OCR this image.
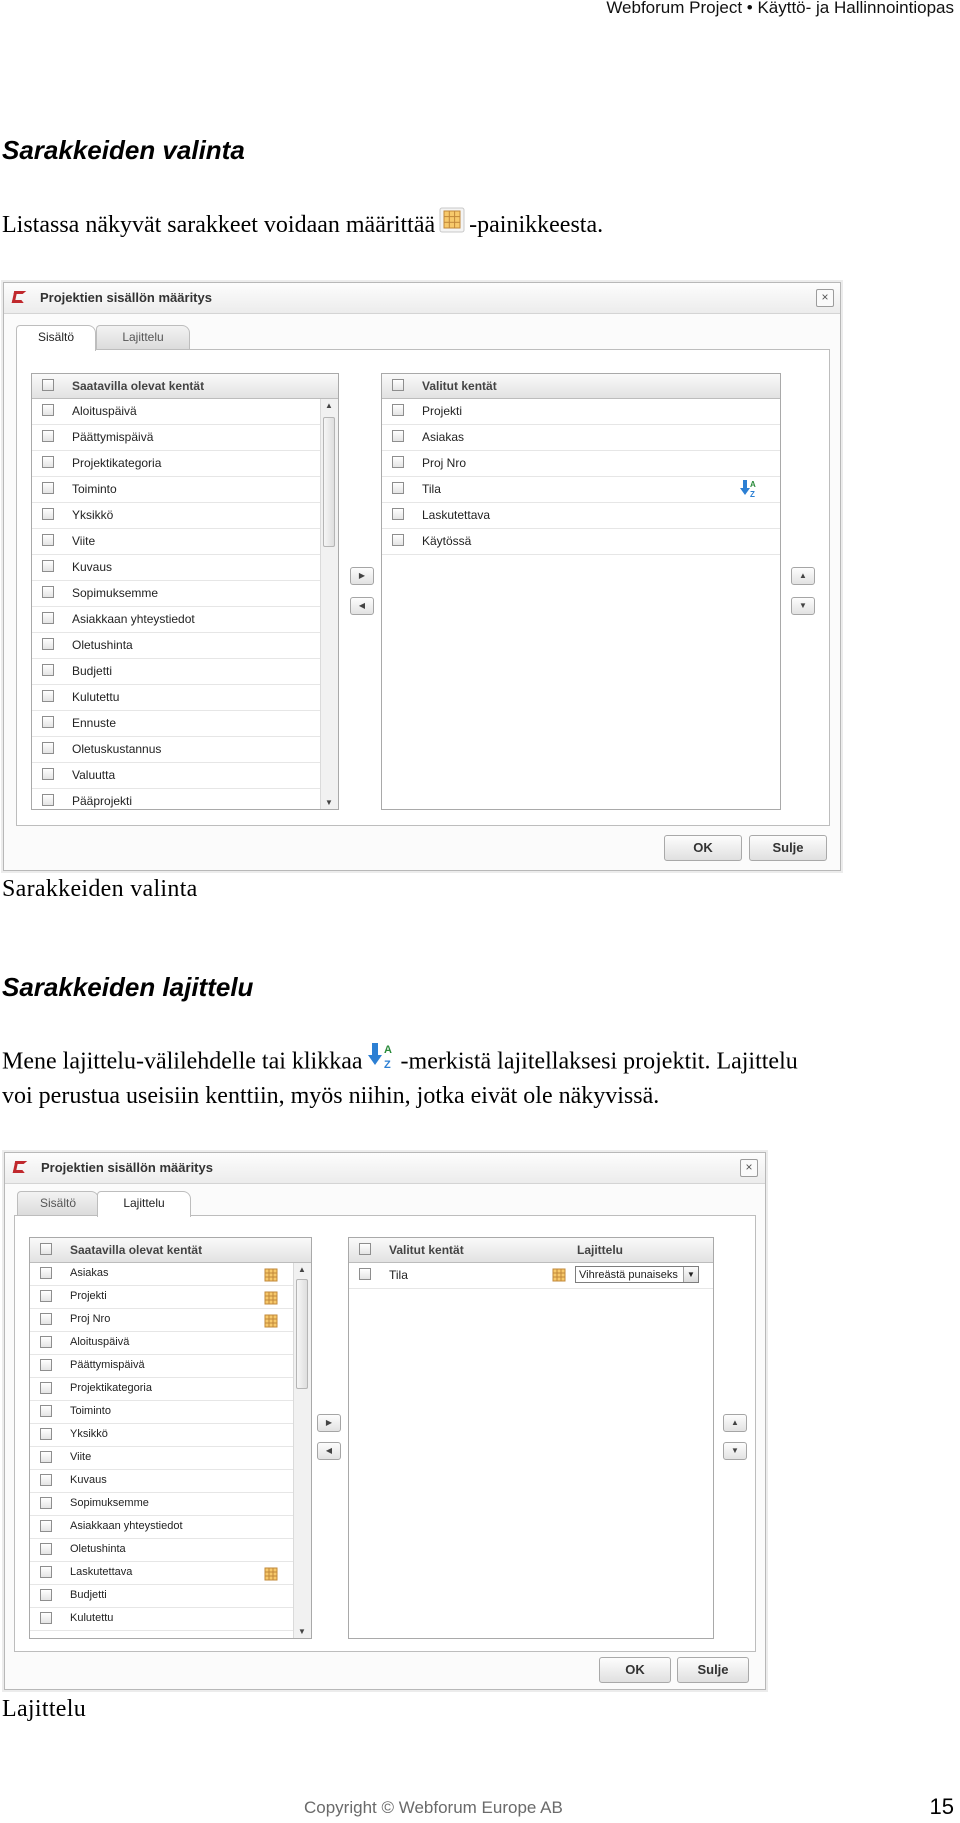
Webforum Project • Käyttö- ja Hallinnointiopas
Sarakkeiden valinta
Listassa näkyvät sarakkeet voidaan määrittää -painikkeesta.
Projektien sisällön määritys	×
Sisältö	Lajittelu
Saatavilla olevat kentät
Aloituspäivä
Päättymispäivä
Projektikategoria
Toiminto
Yksikkö
Viite
Kuvaus
Sopimuksemme
Asiakkaan yhteystiedot
Oletushinta
Budjetti
Kulutettu
Ennuste
Oletuskustannus
Valuutta
Pääprojekti
▲
▼
▶
◀
Valitut kentät
Projekti
Asiakas
Proj Nro
Tila	A
Z
Laskutettava
Käytössä
▲
▼
OK	Sulje
Sarakkeiden valinta
Sarakkeiden lajittelu
Mene lajittelu-välilehdelle tai klikkaa A
Z -merkistä lajitellaksesi projektit. Lajittelu
voi perustua useisiin kenttiin, myös niihin, jotka eivät ole näkyvissä.
Projektien sisällön määritys	×
Sisältö	Lajittelu
Saatavilla olevat kentät
Asiakas
Projekti
Proj Nro
Aloituspäivä
Päättymispäivä
Projektikategoria
Toiminto
Yksikkö
Viite
Kuvaus
Sopimuksemme
Asiakkaan yhteystiedot
Oletushinta
Laskutettava
Budjetti
Kulutettu
▲
▼
▶
◀
Valitut kentät	Lajittelu
Tila	Vihreästä punaiseks	▼
▲
▼
OK	Sulje
Lajittelu
Copyright © Webforum Europe AB	15
